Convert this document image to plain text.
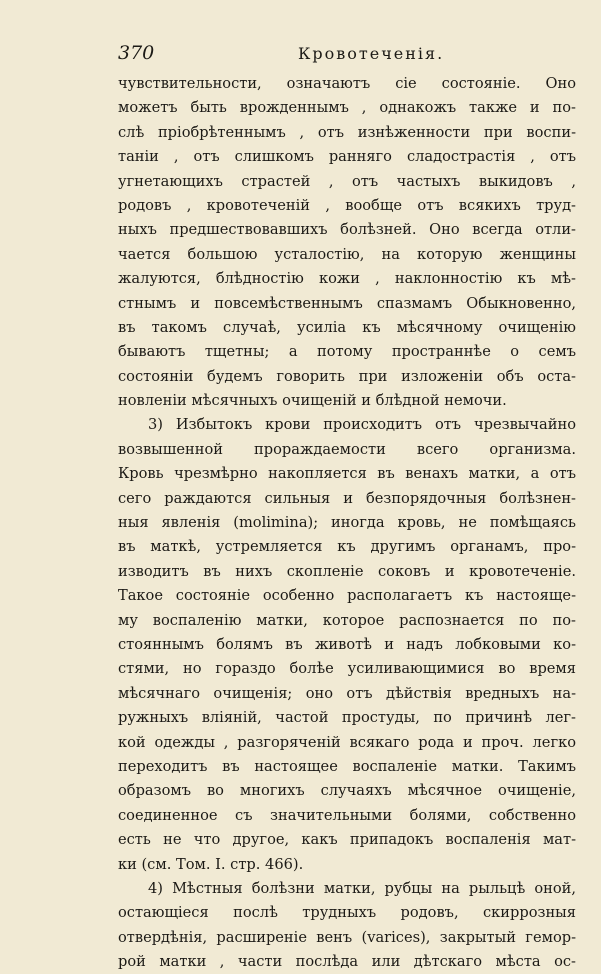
370	Кровотеченія.
чувствительности, означаютъ сіе состояніе. Оно
можетъ быть врожденнымъ , однакожъ также и по-
слѣ пріобрѣтеннымъ , отъ изнѣженности при воспи-
таніи , отъ слишкомъ ранняго сладострастія , отъ
угнетающихъ страстей , отъ частыхъ выкидовъ ,
родовъ , кровотеченій , вообще отъ всякихъ труд-
ныхъ предшествовавшихъ болѣзней. Оно всегда отли-
чается большою усталостію, на которую женщины
жалуются, блѣдностію кожи , наклонностію къ мѣ-
стнымъ и повсемѣственнымъ спазмамъ Обыкновенно,
въ такомъ случаѣ, усиліа къ мѣсячному очищенію
бываютъ тщетны; а потому пространнѣе о семъ
состояніи будемъ говорить при изложеніи объ оста-
новленіи мѣсячныхъ очищеній и блѣдной немочи.
3) Избытокъ крови происходитъ отъ чрезвычайно
возвышенной прораждаемости всего организма.
Кровь чрезмѣрно накопляется въ венахъ матки, а отъ
сего раждаются сильныя и безпорядочныя болѣзнен-
ныя явленія (molimina); иногда кровь, не помѣщаясь
въ маткѣ, устремляется къ другимъ органамъ, про-
изводитъ въ нихъ скопленіе соковъ и кровотеченіе.
Такое состояніе особенно располагаетъ къ настояще-
му воспаленію матки, которое распознается по по-
стояннымъ болямъ въ животѣ и надъ лобковыми ко-
стями, но гораздо болѣе усиливающимися во время
мѣсячнаго очищенія; оно отъ дѣйствія вредныхъ на-
ружныхъ вліяній, частой простуды, по причинѣ лег-
кой одежды , разгоряченій всякаго рода и проч. легко
переходитъ въ настоящее воспаленіе матки. Такимъ
образомъ во многихъ случаяхъ мѣсячное очищеніе,
соединенное съ значительными болями, собственно
есть не что другое, какъ припадокъ воспаленія мат-
ки (см. Том. I. стр. 466).
4) Мѣстныя болѣзни матки, рубцы на рыльцѣ оной,
остающіеся послѣ трудныхъ родовъ, скиррозныя
отвердѣнія, расширеніе венъ (varices), закрытый гемор-
рой матки , части послѣда или дѣтскаго мѣста ос-
